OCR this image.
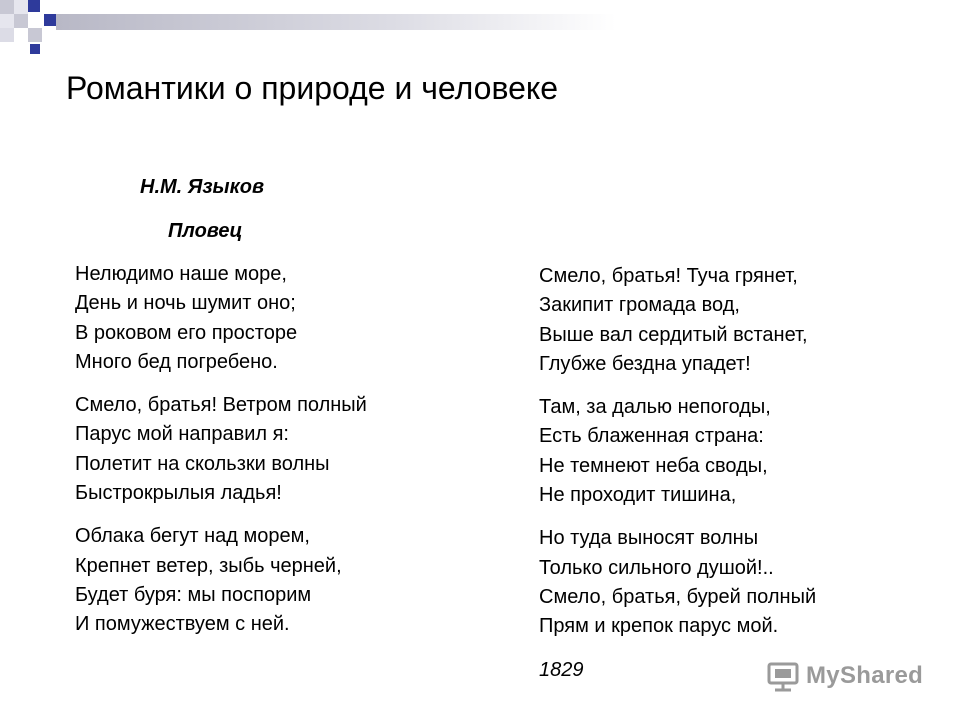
Романтики о природе и человеке
Н.М. Языков
Пловец
Нелюдимо наше море,
День и ночь шумит оно;
В роковом его просторе
Много бед погребено.
Смело, братья! Ветром полный
Парус мой направил я:
Полетит на скользки волны
Быстрокрылыя ладья!
Облака бегут над морем,
Крепнет ветер, зыбь черней,
Будет буря: мы поспорим
И помужествуем с ней.
Смело, братья! Туча грянет,
Закипит громада вод,
Выше вал сердитый встанет,
Глубже бездна упадет!
Там, за далью непогоды,
Есть блаженная страна:
Не темнеют неба своды,
Не проходит тишина,
Но туда выносят волны
Только сильного душой!..
Смело, братья, бурей полный
Прям и крепок парус мой.
1829	MyShared
